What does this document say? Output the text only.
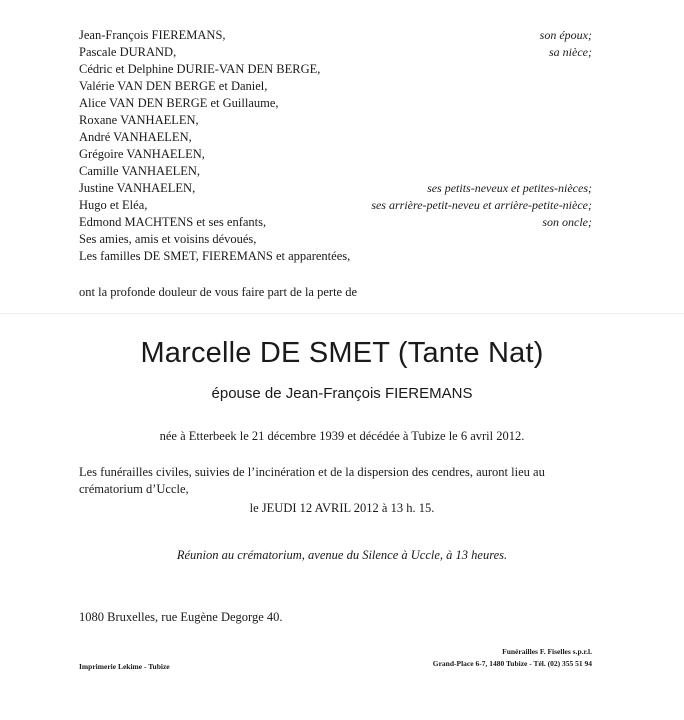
Jean-François FIEREMANS,
Pascale DURAND,
Cédric et Delphine DURIE-VAN DEN BERGE,
Valérie VAN DEN BERGE et Daniel,
Alice VAN DEN BERGE et Guillaume,
Roxane VANHAELEN,
André VANHAELEN,
Grégoire VANHAELEN,
Camille VANHAELEN,
Justine VANHAELEN,
Hugo et Eléa,
Edmond MACHTENS et ses enfants,
Ses amies, amis et voisins dévoués,
Les familles DE SMET, FIEREMANS et apparentées,
son époux;
sa nièce;
ses petits-neveux et petites-nièces;
ses arrière-petit-neveu et arrière-petite-nièce;
son oncle;
ont la profonde douleur de vous faire part de la perte de
Marcelle DE SMET (Tante Nat)
épouse de Jean-François FIEREMANS
née à Etterbeek le 21 décembre 1939 et décédée à Tubize le 6 avril 2012.
Les funérailles civiles, suivies de l’incinération et de la dispersion des cendres, auront lieu au
crématorium d’Uccle,
le JEUDI 12 AVRIL 2012 à 13 h. 15.
Réunion au crématorium, avenue du Silence à Uccle, à 13 heures.
1080 Bruxelles, rue Eugène Degorge 40.
Imprimerie Lekime - Tubize
Funérailles F. Fiselles s.p.r.l.
Grand-Place 6-7, 1480 Tubize - Tél. (02) 355 51 94
